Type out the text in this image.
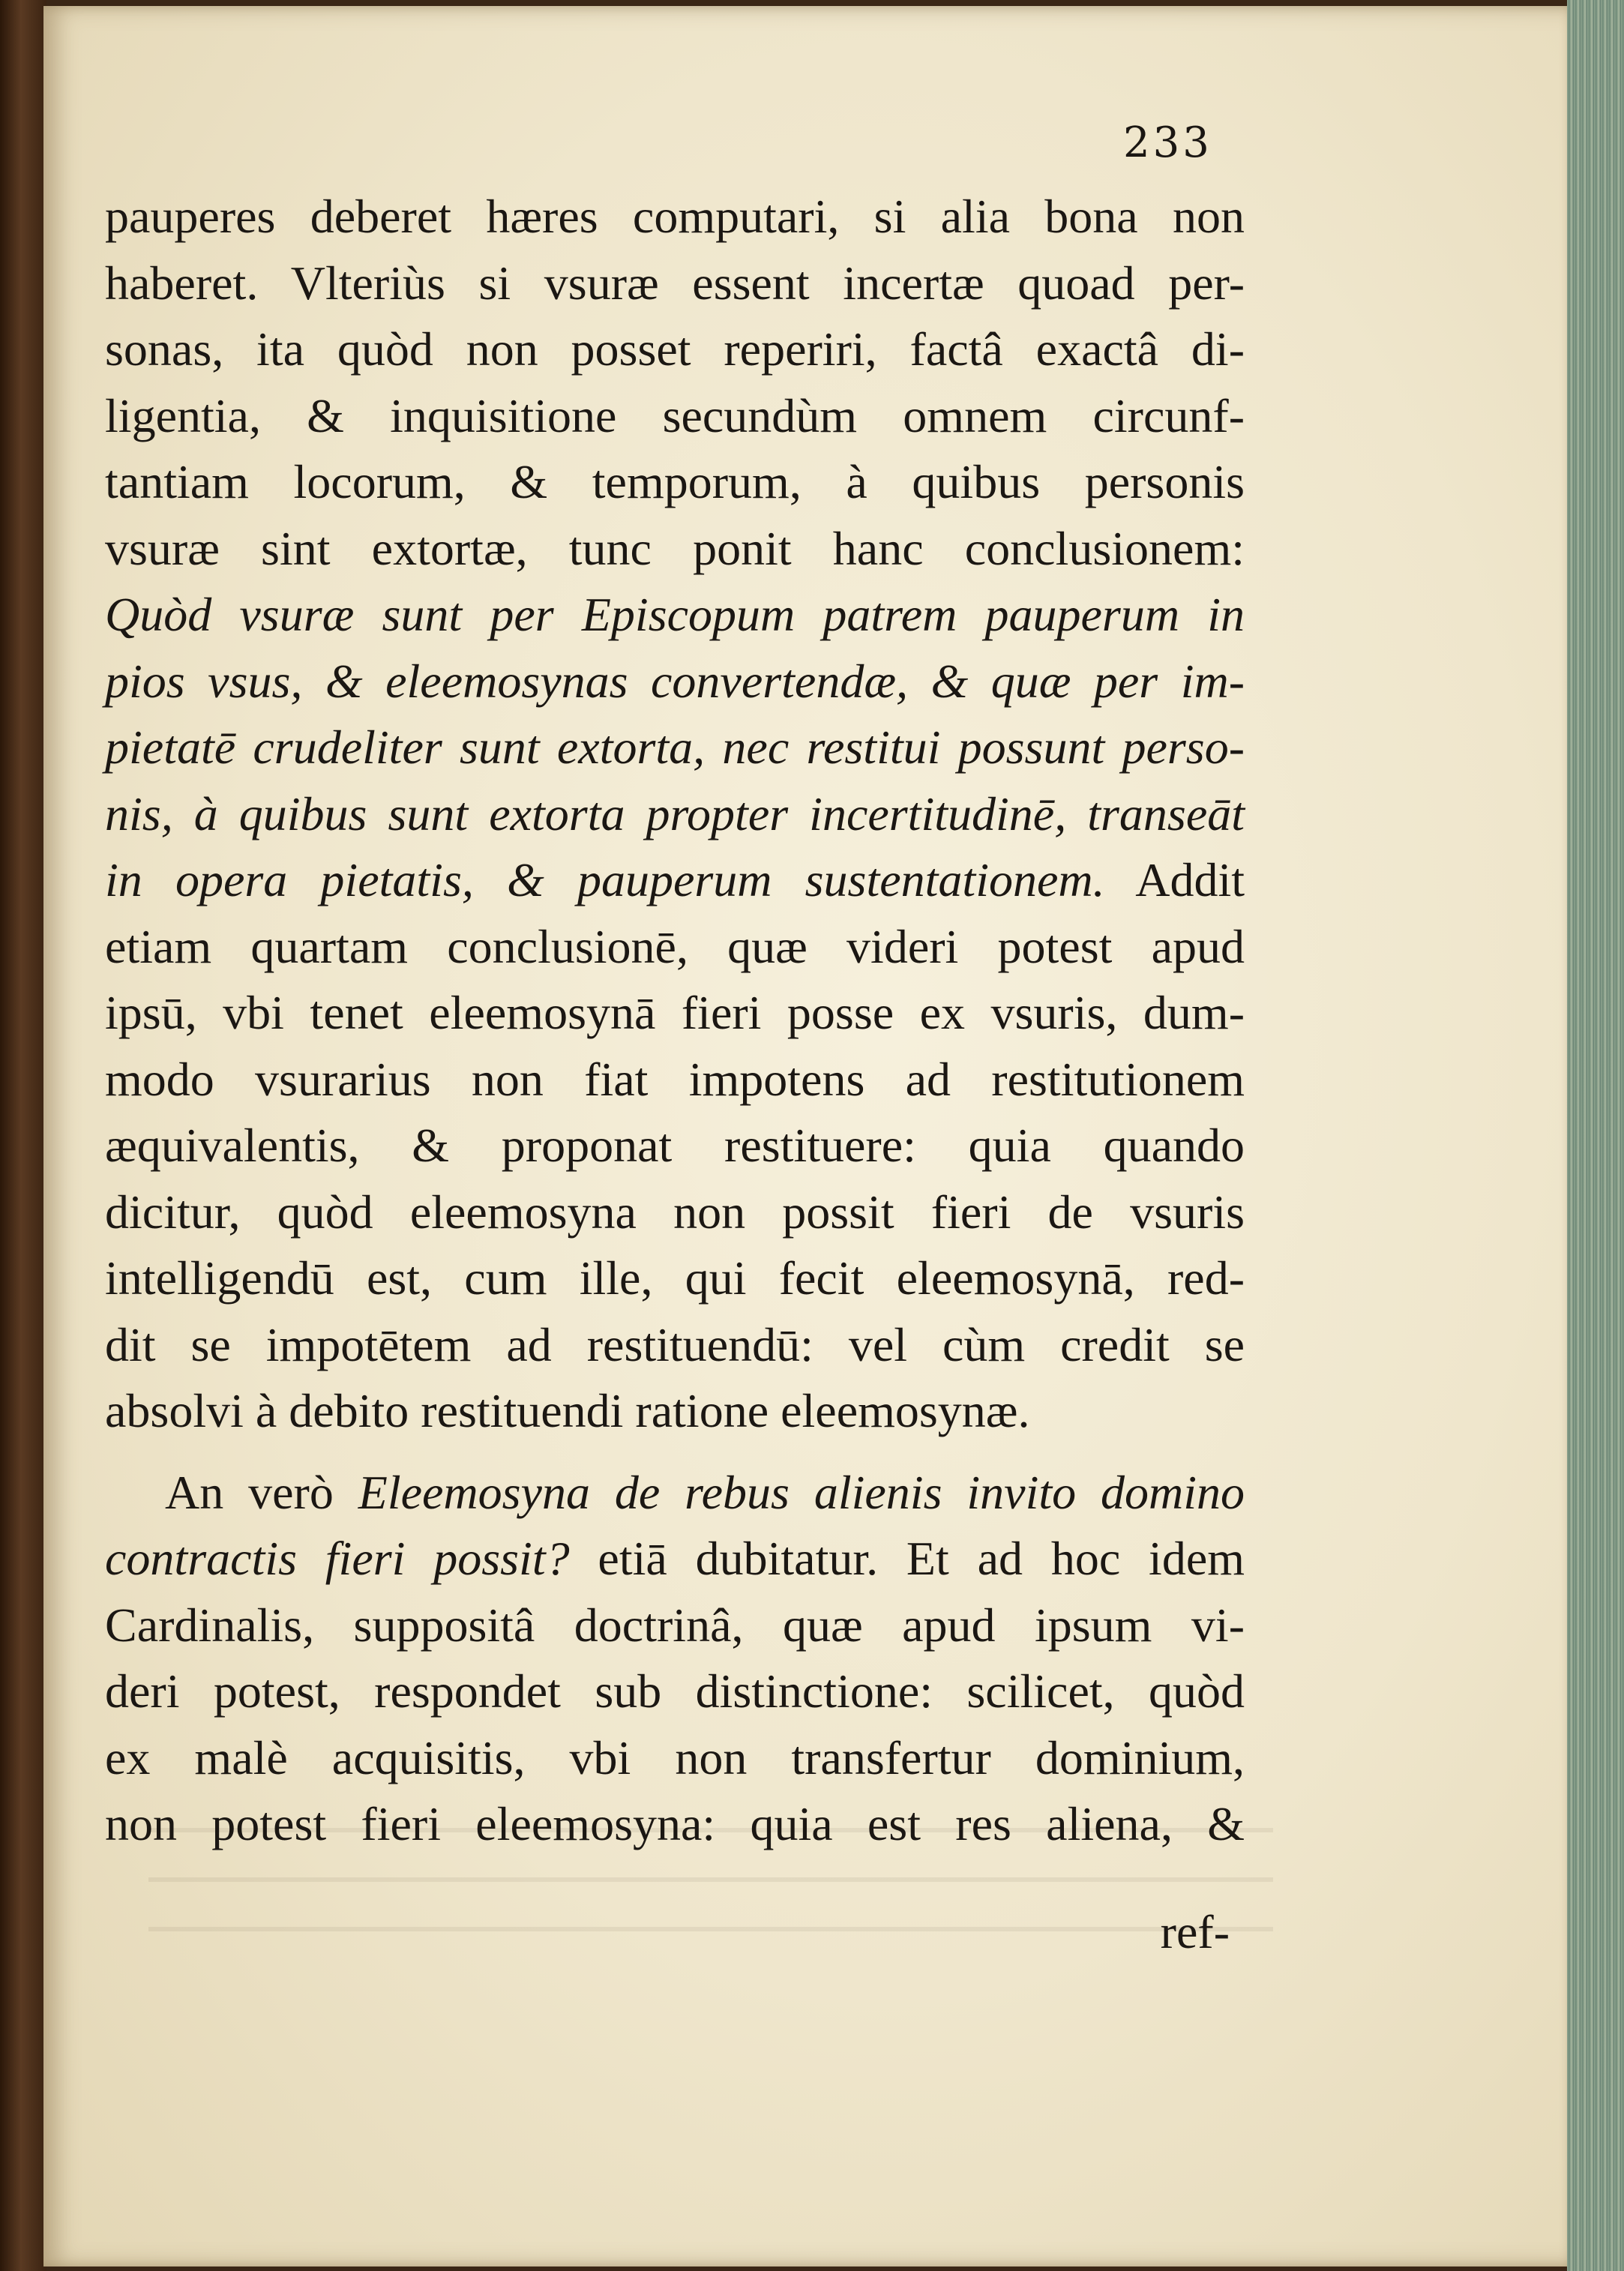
233
pauperes deberet hæres computari, si alia bona non
haberet. Vlteriùs si vsuræ essent incertæ quoad per-
sonas, ita quòd non posset reperiri, factâ exactâ di-
ligentia, & inquisitione secundùm omnem circunf-
tantiam locorum, & temporum, à quibus personis
vsuræ sint extortæ, tunc ponit hanc conclusionem:
Quòd vsuræ sunt per Episcopum patrem pauperum in
pios vsus, & eleemosynas convertendæ, & quæ per im-
pietatē crudeliter sunt extorta, nec restitui possunt perso-
nis, à quibus sunt extorta propter incertitudinē, transeāt
in opera pietatis, & pauperum sustentationem. Addit
etiam quartam conclusionē, quæ videri potest apud
ipsū, vbi tenet eleemosynā fieri posse ex vsuris, dum-
modo vsurarius non fiat impotens ad restitutionem
æquivalentis, & proponat restituere: quia quando
dicitur, quòd eleemosyna non possit fieri de vsuris
intelligendū est, cum ille, qui fecit eleemosynā, red-
dit se impotētem ad restituendū: vel cùm credit se
absolvi à debito restituendi ratione eleemosynæ.
An verò Eleemosyna de rebus alienis invito domino
contractis fieri possit? etiā dubitatur. Et ad hoc idem
Cardinalis, suppositâ doctrinâ, quæ apud ipsum vi-
deri potest, respondet sub distinctione: scilicet, quòd
ex malè acquisitis, vbi non transfertur dominium,
non potest fieri eleemosyna: quia est res aliena, &
ref-
